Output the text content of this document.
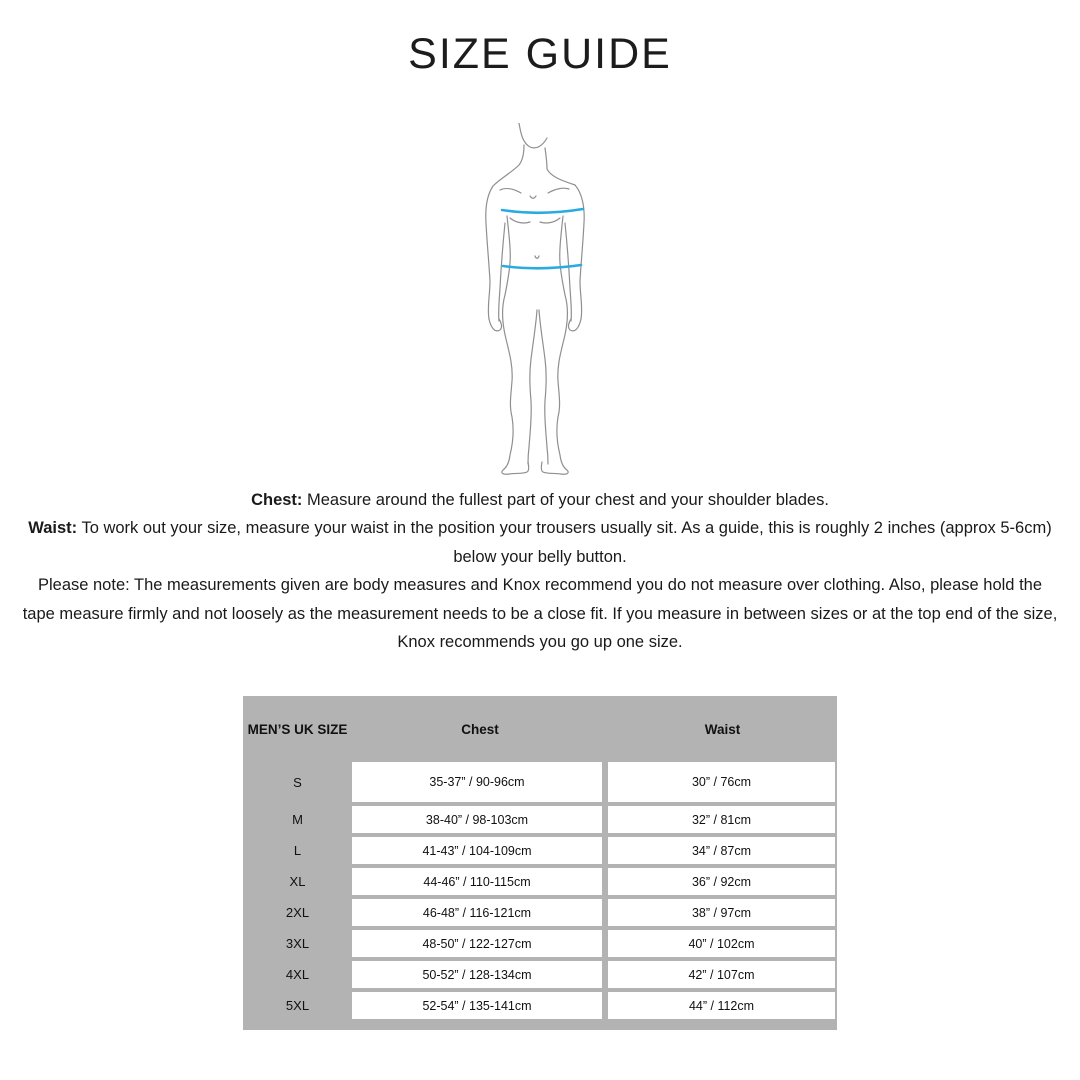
SIZE GUIDE

Chest: Measure around the fullest part of your chest and your shoulder blades.

Waist: To work out your size, measure your waist in the position your trousers usually sit. As a guide, this is roughly 2 inches (approx 5-6cm) below your belly button.

Please note: The measurements given are body measures and Knox recommend you do not measure over clothing. Also, please hold the tape measure firmly and not loosely as the measurement needs to be a close fit. If you measure in between sizes or at the top end of the size, Knox recommends you go up one size.

MEN’S UK SIZE	Chest	Waist
S	35-37” / 90-96cm	30” / 76cm
M	38-40” / 98-103cm	32” / 81cm
L	41-43” / 104-109cm	34” / 87cm
XL	44-46” / 110-115cm	36” / 92cm
2XL	46-48” / 116-121cm	38” / 97cm
3XL	48-50” / 122-127cm	40” / 102cm
4XL	50-52” / 128-134cm	42” / 107cm
5XL	52-54” / 135-141cm	44” / 112cm
